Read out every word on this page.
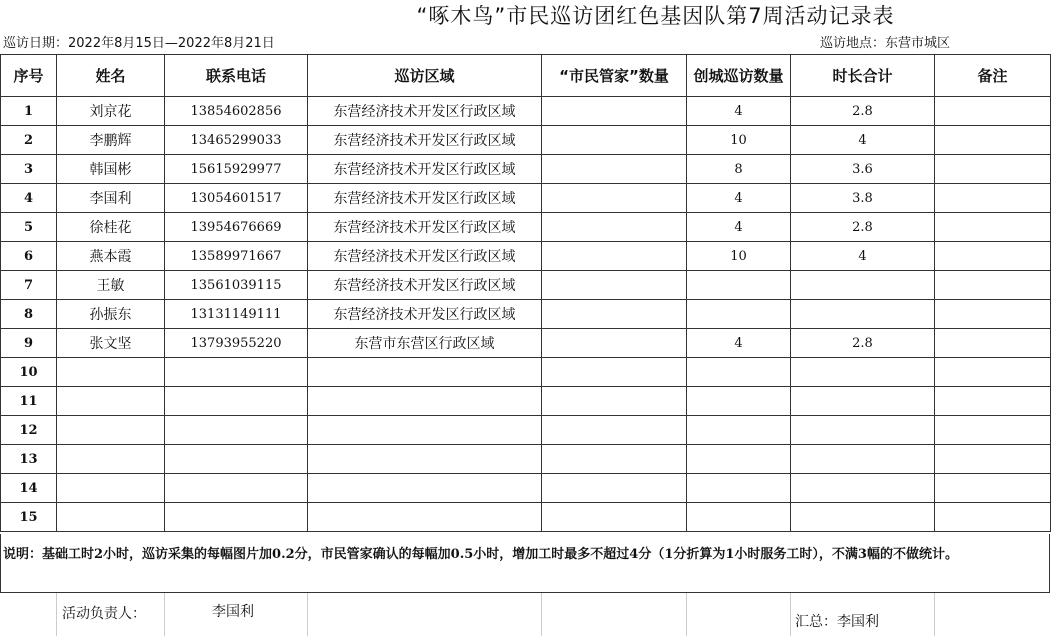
“啄木鸟”市民巡访团红色基因队第7周活动记录表
巡访日期：2022年8月15日—2022年8月21日	巡访地点：东营市城区
序号	姓名	联系电话	巡访区域	“市民管家”数量	创城巡访数量	时长合计	备注
1	刘京花	13854602856	东营经济技术开发区行政区域		4	2.8	
2	李鹏辉	13465299033	东营经济技术开发区行政区域		10	4	
3	韩国彬	15615929977	东营经济技术开发区行政区域		8	3.6	
4	李国利	13054601517	东营经济技术开发区行政区域		4	3.8	
5	徐桂花	13954676669	东营经济技术开发区行政区域		4	2.8	
6	燕本霞	13589971667	东营经济技术开发区行政区域		10	4	
7	王敏	13561039115	东营经济技术开发区行政区域				
8	孙振东	13131149111	东营经济技术开发区行政区域				
9	张文坚	13793955220	东营市东营区行政区域		4	2.8	
10							
11							
12							
13							
14							
15							
说明：基础工时2小时，巡访采集的每幅图片加0.2分，市民管家确认的每幅加0.5小时，增加工时最多不超过4分（1分折算为1小时服务工时），不满3幅的不做统计。
活动负责人：	李国利
汇总：李国利
